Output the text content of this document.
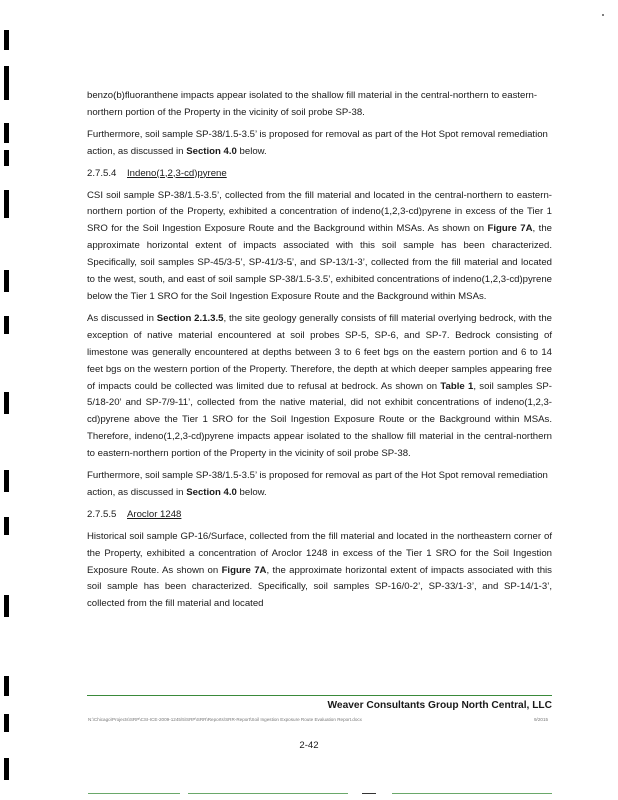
benzo(b)fluoranthene impacts appear isolated to the shallow fill material in the central-northern to eastern-northern portion of the Property in the vicinity of soil probe SP-38.

Furthermore, soil sample SP-38/1.5-3.5’ is proposed for removal as part of the Hot Spot removal remediation action, as discussed in Section 4.0 below.

2.7.5.4 Indeno(1,2,3-cd)pyrene

CSI soil sample SP-38/1.5-3.5’, collected from the fill material and located in the central-northern to eastern-northern portion of the Property, exhibited a concentration of indeno(1,2,3-cd)pyrene in excess of the Tier 1 SRO for the Soil Ingestion Exposure Route and the Background within MSAs. As shown on Figure 7A, the approximate horizontal extent of impacts associated with this soil sample has been characterized. Specifically, soil samples SP-45/3-5’, SP-41/3-5’, and SP-13/1-3’, collected from the fill material and located to the west, south, and east of soil sample SP-38/1.5-3.5’, exhibited concentrations of indeno(1,2,3-cd)pyrene below the Tier 1 SRO for the Soil Ingestion Exposure Route and the Background within MSAs.

As discussed in Section 2.1.3.5, the site geology generally consists of fill material overlying bedrock, with the exception of native material encountered at soil probes SP-5, SP-6, and SP-7. Bedrock consisting of limestone was generally encountered at depths between 3 to 6 feet bgs on the eastern portion and 6 to 14 feet bgs on the western portion of the Property. Therefore, the depth at which deeper samples appearing free of impacts could be collected was limited due to refusal at bedrock. As shown on Table 1, soil samples SP-5/18-20’ and SP-7/9-11’, collected from the native material, did not exhibit concentrations of indeno(1,2,3-cd)pyrene above the Tier 1 SRO for the Soil Ingestion Exposure Route or the Background within MSAs. Therefore, indeno(1,2,3-cd)pyrene impacts appear isolated to the shallow fill material in the central-northern to eastern-northern portion of the Property in the vicinity of soil probe SP-38.

Furthermore, soil sample SP-38/1.5-3.5’ is proposed for removal as part of the Hot Spot removal remediation action, as discussed in Section 4.0 below.

2.7.5.5 Aroclor 1248

Historical soil sample GP-16/Surface, collected from the fill material and located in the northeastern corner of the Property, exhibited a concentration of Aroclor 1248 in excess of the Tier 1 SRO for the Soil Ingestion Exposure Route. As shown on Figure 7A, the approximate horizontal extent of impacts associated with this soil sample has been characterized. Specifically, soil samples SP-16/0-2’, SP-33/1-3’, and SP-14/1-3’, collected from the fill material and located

Weaver Consultants Group North Central, LLC
N:\Chicago\Projects\SRP\CSI-ICE-2009-1245\5\SRP\SRR\Reports\SRR-Report\Soil Ingestion Exposure Route Evaluation Report.docx	9/2015
2-42
